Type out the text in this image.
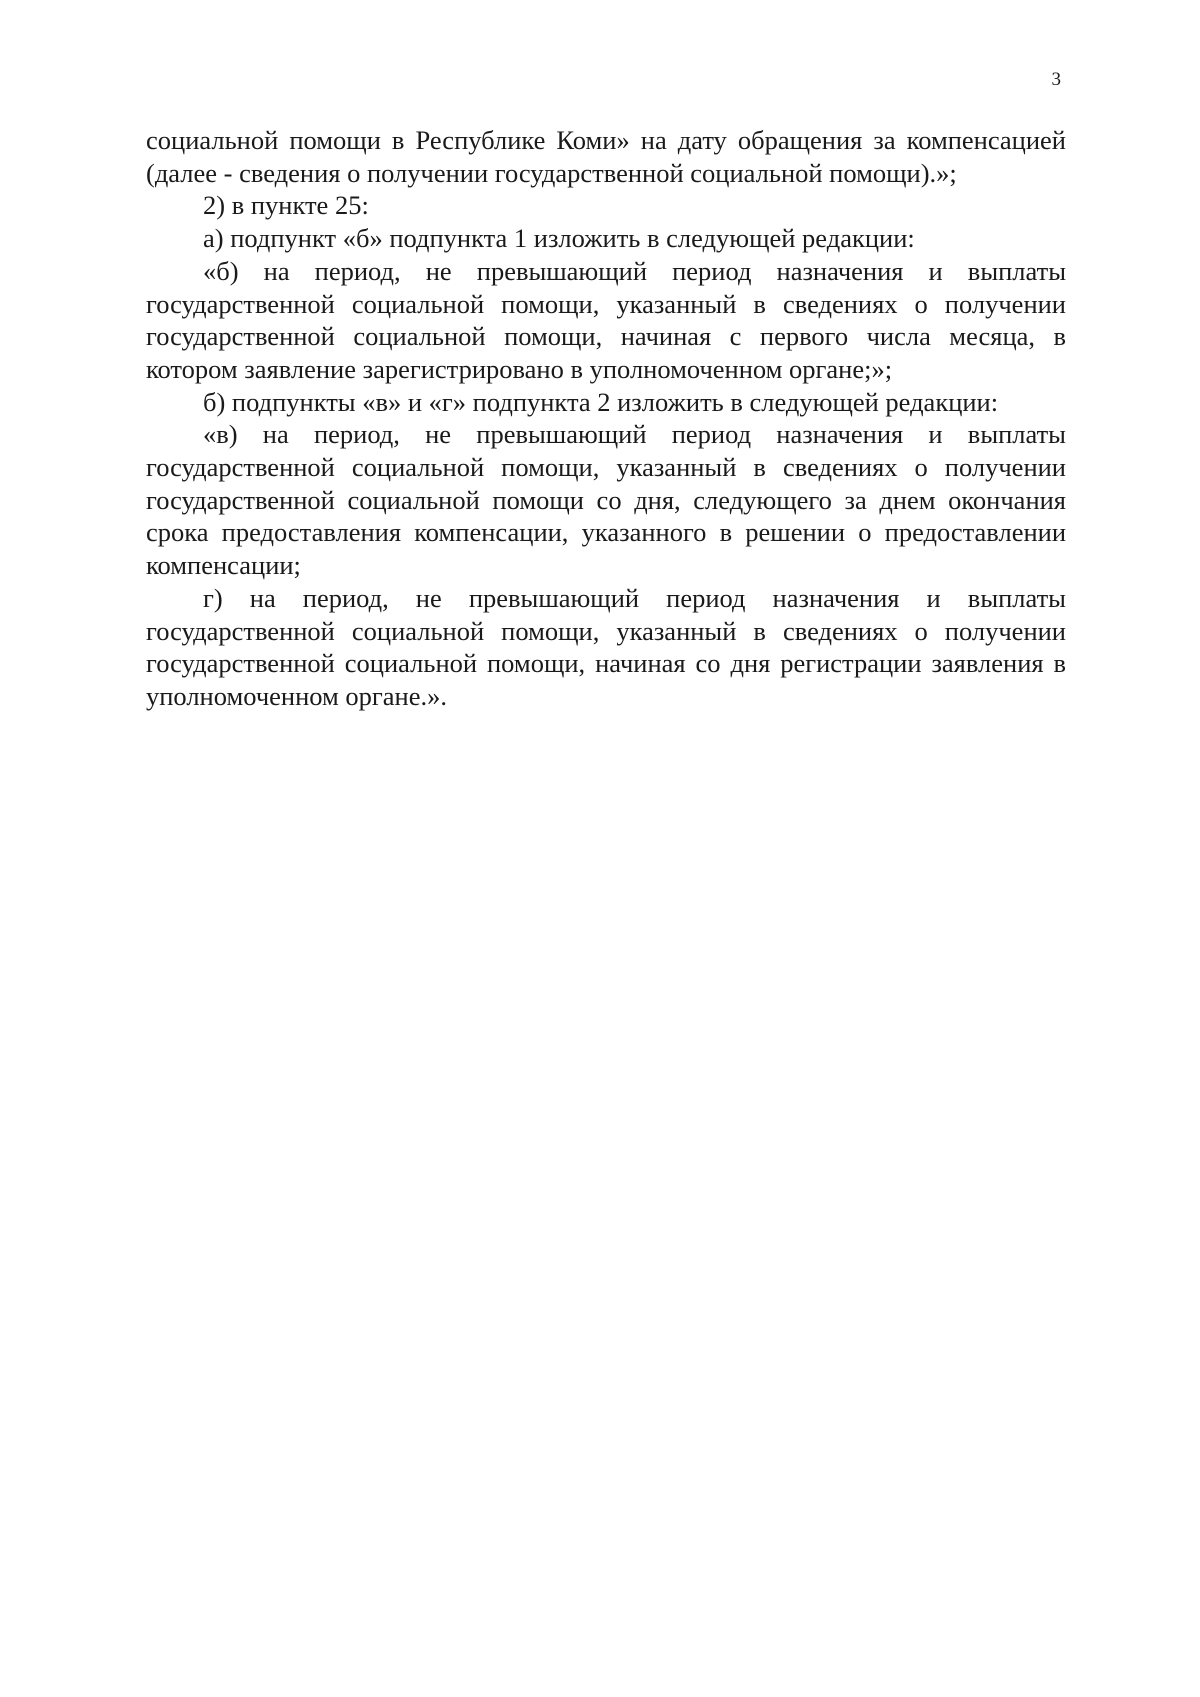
3

социальной помощи в Республике Коми» на дату обращения за компенсацией (далее - сведения о получении государственной социальной помощи).»;

2) в пункте 25:

а) подпункт «б» подпункта 1 изложить в следующей редакции:

«б) на период, не превышающий период назначения и выплаты государственной социальной помощи, указанный в сведениях о получении государственной социальной помощи, начиная с первого числа месяца, в котором заявление зарегистрировано в уполномоченном органе;»;

б) подпункты «в» и «г» подпункта 2 изложить в следующей редакции:

«в) на период, не превышающий период назначения и выплаты государственной социальной помощи, указанный в сведениях о получении государственной социальной помощи со дня, следующего за днем окончания срока предоставления компенсации, указанного в решении о предоставлении компенсации;

г) на период, не превышающий период назначения и выплаты государственной социальной помощи, указанный в сведениях о получении государственной социальной помощи, начиная со дня регистрации заявления в уполномоченном органе.».
